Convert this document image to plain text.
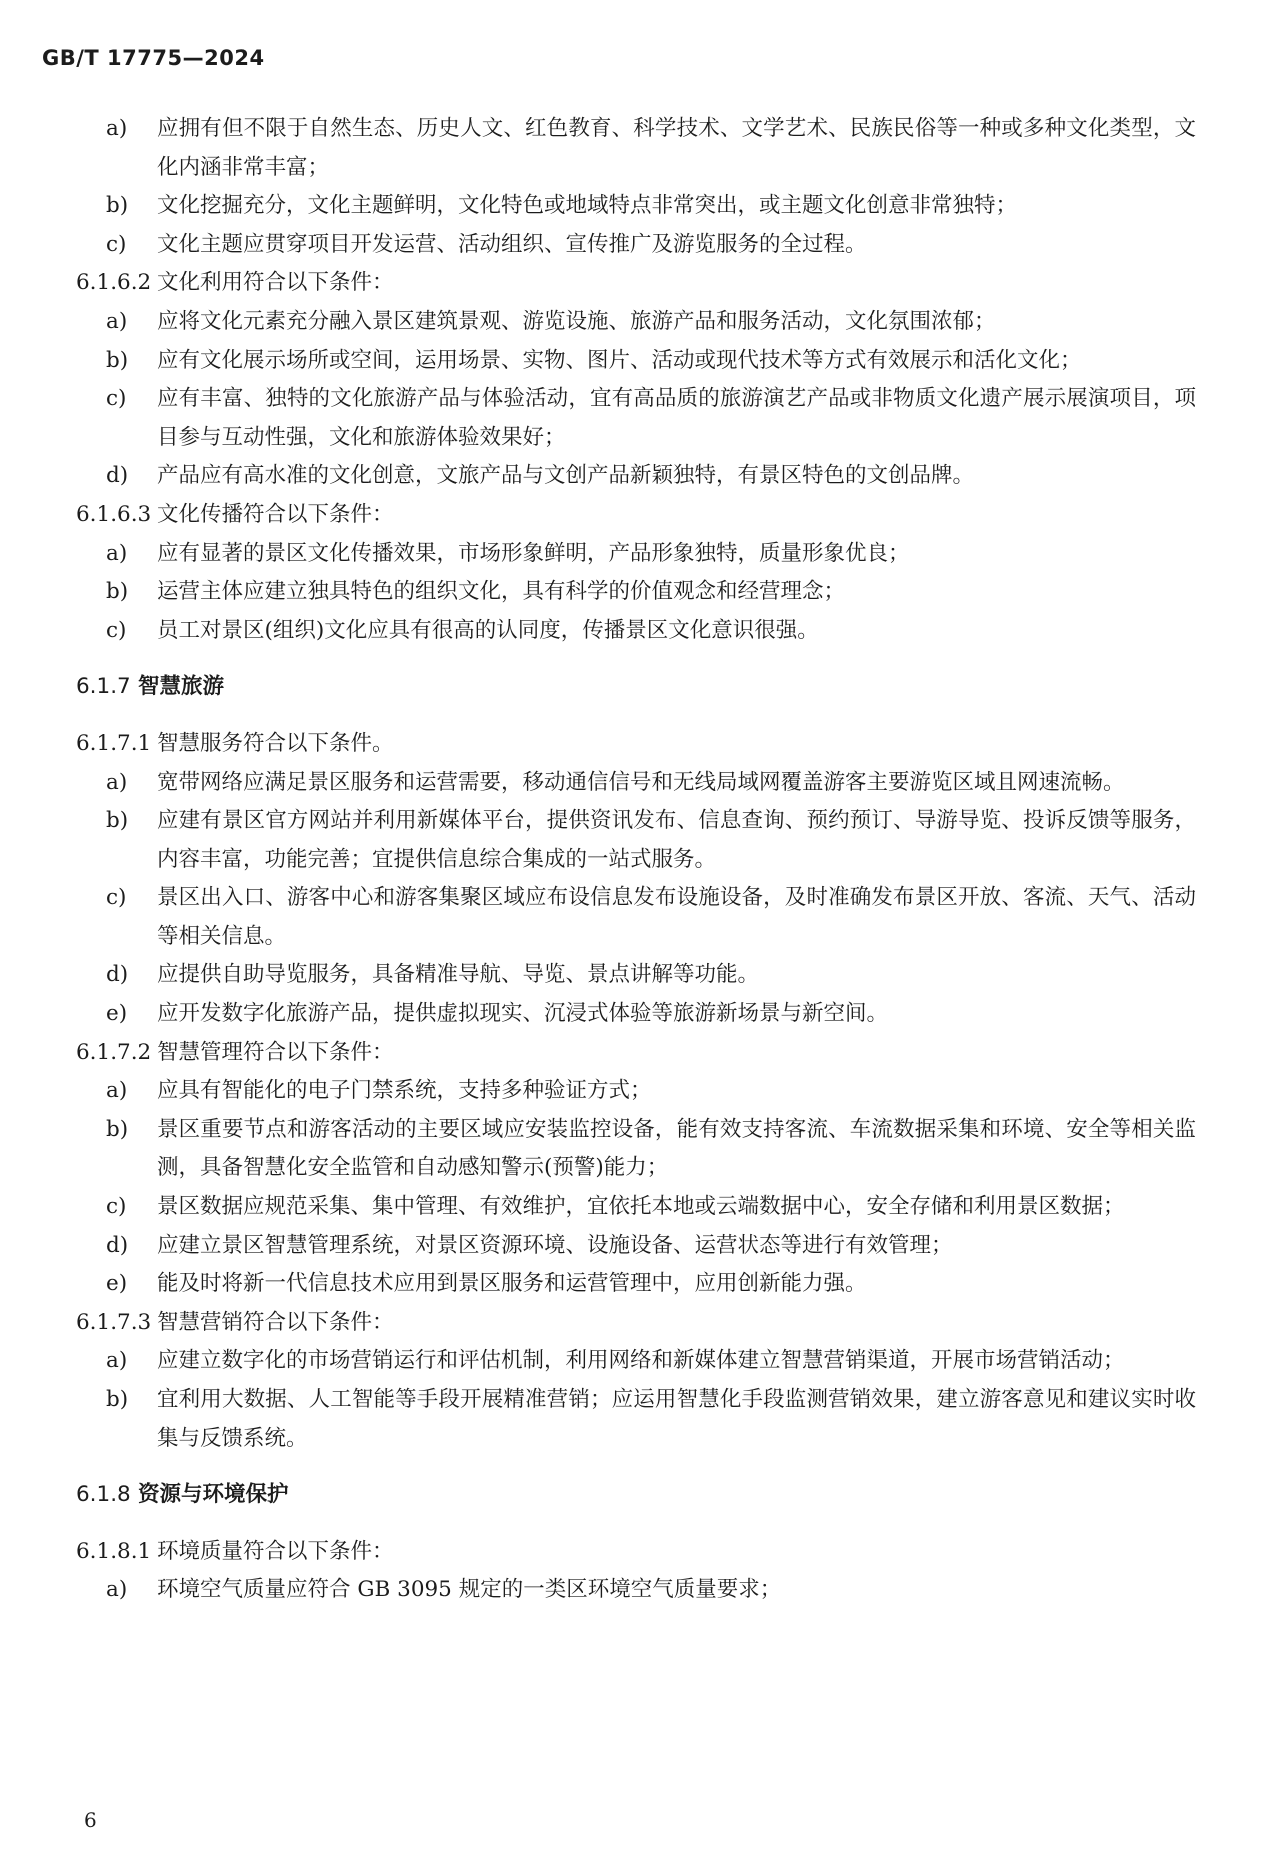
GB/T 17775—2024
a) 应拥有但不限于自然生态、历史人文、红色教育、科学技术、文学艺术、民族民俗等一种或多种文化类型，文化内涵非常丰富；
b) 文化挖掘充分，文化主题鲜明，文化特色或地域特点非常突出，或主题文化创意非常独特；
c) 文化主题应贯穿项目开发运营、活动组织、宣传推广及游览服务的全过程。
6.1.6.2 文化利用符合以下条件：
a) 应将文化元素充分融入景区建筑景观、游览设施、旅游产品和服务活动，文化氛围浓郁；
b) 应有文化展示场所或空间，运用场景、实物、图片、活动或现代技术等方式有效展示和活化文化；
c) 应有丰富、独特的文化旅游产品与体验活动，宜有高品质的旅游演艺产品或非物质文化遗产展示展演项目，项目参与互动性强，文化和旅游体验效果好；
d) 产品应有高水准的文化创意，文旅产品与文创产品新颖独特，有景区特色的文创品牌。
6.1.6.3 文化传播符合以下条件：
a) 应有显著的景区文化传播效果，市场形象鲜明，产品形象独特，质量形象优良；
b) 运营主体应建立独具特色的组织文化，具有科学的价值观念和经营理念；
c) 员工对景区(组织)文化应具有很高的认同度，传播景区文化意识很强。
6.1.7 智慧旅游
6.1.7.1 智慧服务符合以下条件。
a) 宽带网络应满足景区服务和运营需要，移动通信信号和无线局域网覆盖游客主要游览区域且网速流畅。
b) 应建有景区官方网站并利用新媒体平台，提供资讯发布、信息查询、预约预订、导游导览、投诉反馈等服务，内容丰富，功能完善；宜提供信息综合集成的一站式服务。
c) 景区出入口、游客中心和游客集聚区域应布设信息发布设施设备，及时准确发布景区开放、客流、天气、活动等相关信息。
d) 应提供自助导览服务，具备精准导航、导览、景点讲解等功能。
e) 应开发数字化旅游产品，提供虚拟现实、沉浸式体验等旅游新场景与新空间。
6.1.7.2 智慧管理符合以下条件：
a) 应具有智能化的电子门禁系统，支持多种验证方式；
b) 景区重要节点和游客活动的主要区域应安装监控设备，能有效支持客流、车流数据采集和环境、安全等相关监测，具备智慧化安全监管和自动感知警示(预警)能力；
c) 景区数据应规范采集、集中管理、有效维护，宜依托本地或云端数据中心，安全存储和利用景区数据；
d) 应建立景区智慧管理系统，对景区资源环境、设施设备、运营状态等进行有效管理；
e) 能及时将新一代信息技术应用到景区服务和运营管理中，应用创新能力强。
6.1.7.3 智慧营销符合以下条件：
a) 应建立数字化的市场营销运行和评估机制，利用网络和新媒体建立智慧营销渠道，开展市场营销活动；
b) 宜利用大数据、人工智能等手段开展精准营销；应运用智慧化手段监测营销效果，建立游客意见和建议实时收集与反馈系统。
6.1.8 资源与环境保护
6.1.8.1 环境质量符合以下条件：
a) 环境空气质量应符合 GB 3095 规定的一类区环境空气质量要求；
6
